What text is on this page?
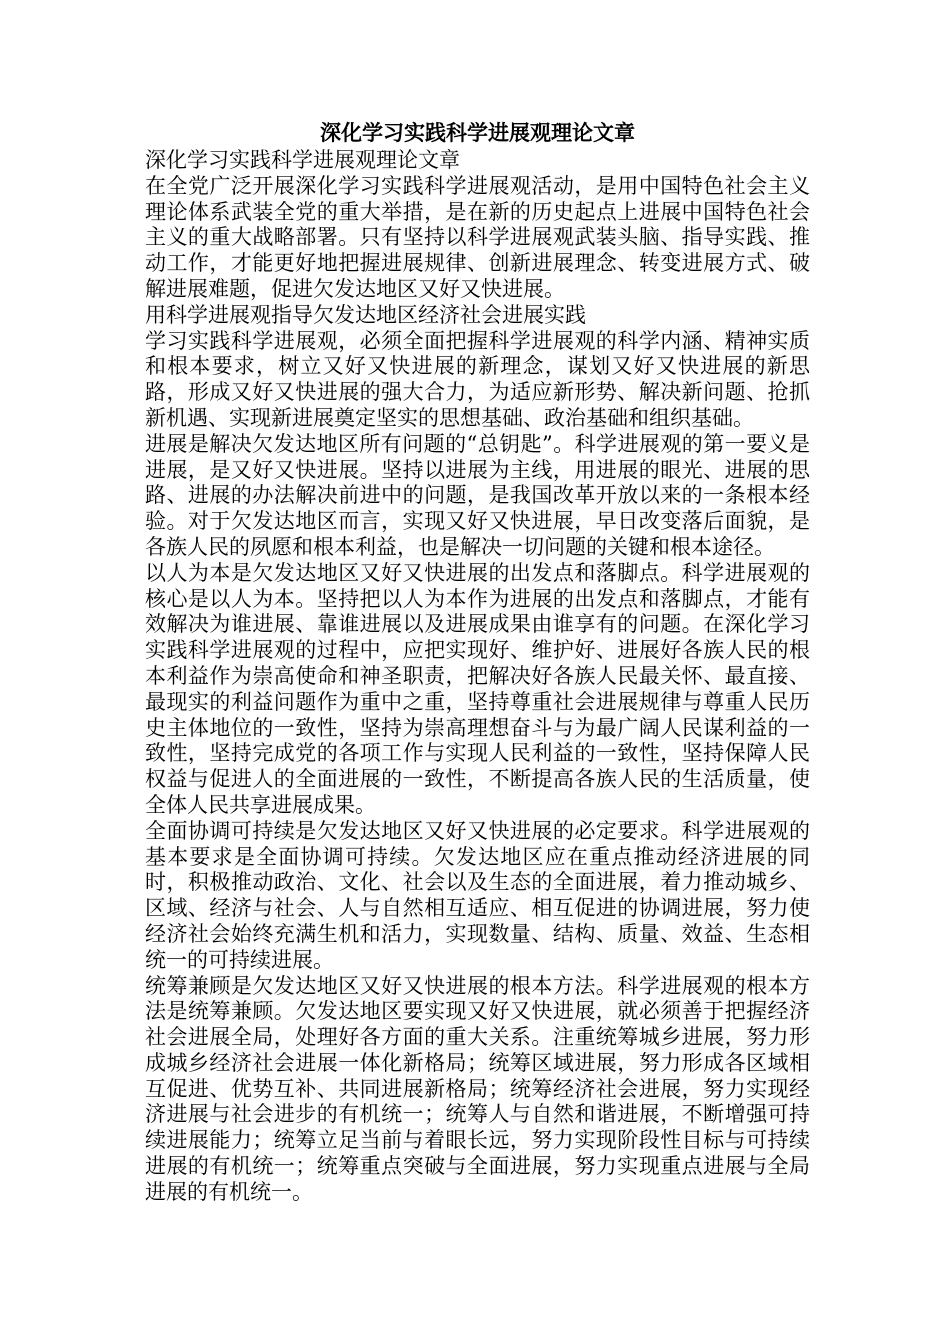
深化学习实践科学进展观理论文章

深化学习实践科学进展观理论文章

在全党广泛开展深化学习实践科学进展观活动，是用中国特色社会主义理论体系武装全党的重大举措，是在新的历史起点上进展中国特色社会主义的重大战略部署。只有坚持以科学进展观武装头脑、指导实践、推动工作，才能更好地把握进展规律、创新进展理念、转变进展方式、破解进展难题，促进欠发达地区又好又快进展。

用科学进展观指导欠发达地区经济社会进展实践

学习实践科学进展观，必须全面把握科学进展观的科学内涵、精神实质和根本要求，树立又好又快进展的新理念，谋划又好又快进展的新思路，形成又好又快进展的强大合力，为适应新形势、解决新问题、抢抓新机遇、实现新进展奠定坚实的思想基础、政治基础和组织基础。

进展是解决欠发达地区所有问题的“总钥匙”。科学进展观的第一要义是进展，是又好又快进展。坚持以进展为主线，用进展的眼光、进展的思路、进展的办法解决前进中的问题，是我国改革开放以来的一条根本经验。对于欠发达地区而言，实现又好又快进展，早日改变落后面貌，是各族人民的夙愿和根本利益，也是解决一切问题的关键和根本途径。

以人为本是欠发达地区又好又快进展的出发点和落脚点。科学进展观的核心是以人为本。坚持把以人为本作为进展的出发点和落脚点，才能有效解决为谁进展、靠谁进展以及进展成果由谁享有的问题。在深化学习实践科学进展观的过程中，应把实现好、维护好、进展好各族人民的根本利益作为崇高使命和神圣职责，把解决好各族人民最关怀、最直接、最现实的利益问题作为重中之重，坚持尊重社会进展规律与尊重人民历史主体地位的一致性，坚持为崇高理想奋斗与为最广阔人民谋利益的一致性，坚持完成党的各项工作与实现人民利益的一致性，坚持保障人民权益与促进人的全面进展的一致性，不断提高各族人民的生活质量，使全体人民共享进展成果。

全面协调可持续是欠发达地区又好又快进展的必定要求。科学进展观的基本要求是全面协调可持续。欠发达地区应在重点推动经济进展的同时，积极推动政治、文化、社会以及生态的全面进展，着力推动城乡、区域、经济与社会、人与自然相互适应、相互促进的协调进展，努力使经济社会始终充满生机和活力，实现数量、结构、质量、效益、生态相统一的可持续进展。

统筹兼顾是欠发达地区又好又快进展的根本方法。科学进展观的根本方法是统筹兼顾。欠发达地区要实现又好又快进展，就必须善于把握经济社会进展全局，处理好各方面的重大关系。注重统筹城乡进展，努力形成城乡经济社会进展一体化新格局；统筹区域进展，努力形成各区域相互促进、优势互补、共同进展新格局；统筹经济社会进展，努力实现经济进展与社会进步的有机统一；统筹人与自然和谐进展，不断增强可持续进展能力；统筹立足当前与着眼长远，努力实现阶段性目标与可持续进展的有机统一；统筹重点突破与全面进展，努力实现重点进展与全局进展的有机统一。
